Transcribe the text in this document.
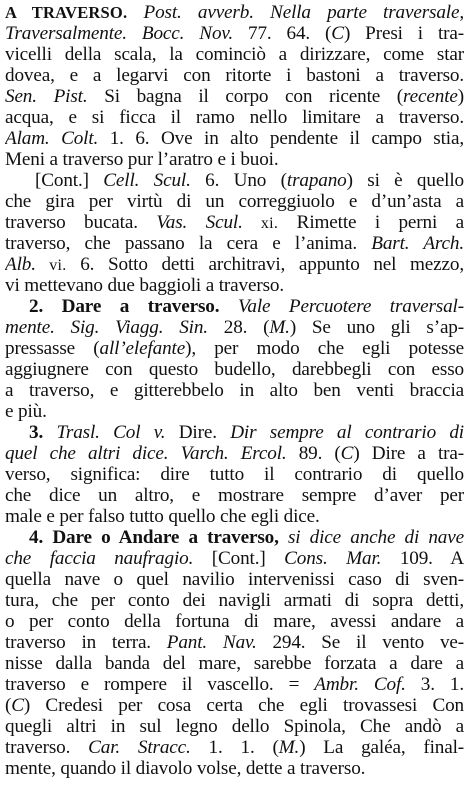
A TRAVERSO. Post. avverb. Nella parte traversale,
Traversalmente. Bocc. Nov. 77. 64. (C) Presi i tra-
vicelli della scala, la cominciò a dirizzare, come star
dovea, e a legarvi con ritorte i bastoni a traverso.
Sen. Pist. Si bagna il corpo con ricente (recente)
acqua, e si ficca il ramo nello limitare a traverso.
Alam. Colt. 1. 6. Ove in alto pendente il campo stia,
Meni a traverso pur l’aratro e i buoi.
[Cont.] Cell. Scul. 6. Uno (trapano) si è quello
che gira per virtù di un correggiuolo e d’un’asta a
traverso bucata. Vas. Scul. xi. Rimette i perni a
traverso, che passano la cera e l’anima. Bart. Arch.
Alb. vi. 6. Sotto detti architravi, appunto nel mezzo,
vi mettevano due baggioli a traverso.
2. Dare a traverso. Vale Percuotere traversal-
mente. Sig. Viagg. Sin. 28. (M.) Se uno gli s’ap-
pressasse (all’elefante), per modo che egli potesse
aggiugnere con questo budello, darebbegli con esso
a traverso, e gitterebbelo in alto ben venti braccia
e più.
3. Trasl. Col v. Dire. Dir sempre al contrario di
quel che altri dice. Varch. Ercol. 89. (C) Dire a tra-
verso, significa: dire tutto il contrario di quello
che dice un altro, e mostrare sempre d’aver per
male e per falso tutto quello che egli dice.
4. Dare o Andare a traverso, si dice anche di nave
che faccia naufragio. [Cont.] Cons. Mar. 109. A
quella nave o quel navilio intervenissi caso di sven-
tura, che per conto dei navigli armati di sopra detti,
o per conto della fortuna di mare, avessi andare a
traverso in terra. Pant. Nav. 294. Se il vento ve-
nisse dalla banda del mare, sarebbe forzata a dare a
traverso e rompere il vascello. = Ambr. Cof. 3. 1.
(C) Credesi per cosa certa che egli trovassesi Con
quegli altri in sul legno dello Spinola, Che andò a
traverso. Car. Stracc. 1. 1. (M.) La galéa, final-
mente, quando il diavolo volse, dette a traverso.
